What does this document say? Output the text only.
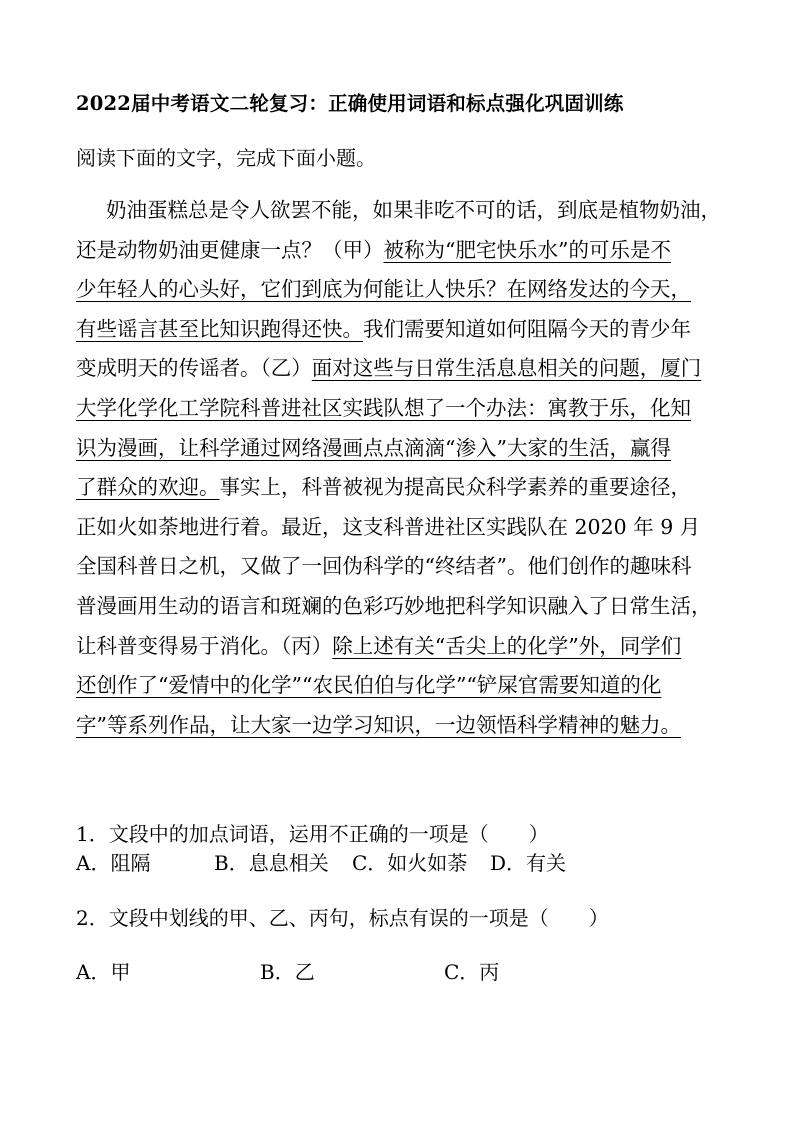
2022届中考语文二轮复习：正确使用词语和标点强化巩固训练
阅读下面的文字，完成下面小题。
奶油蛋糕总是令人欲罢不能，如果非吃不可的话，到底是植物奶油，
还是动物奶油更健康一点？（甲）被称为“肥宅快乐水”的可乐是不
少年轻人的心头好，它们到底为何能让人快乐？在网络发达的今天，
有些谣言甚至比知识跑得还快。我们需要知道如何阻隔今天的青少年
变成明天的传谣者。（乙）面对这些与日常生活息息相关的问题，厦门
大学化学化工学院科普进社区实践队想了一个办法：寓教于乐，化知
识为漫画，让科学通过网络漫画点点滴滴“渗入”大家的生活，赢得
了群众的欢迎。事实上，科普被视为提高民众科学素养的重要途径，
正如火如荼地进行着。最近，这支科普进社区实践队在 2020 年 9 月
全国科普日之机，又做了一回伪科学的“终结者”。他们创作的趣味科
普漫画用生动的语言和斑斓的色彩巧妙地把科学知识融入了日常生活，
让科普变得易于消化。（丙）除上述有关“舌尖上的化学”外，同学们
还创作了“爱情中的化学”“农民伯伯与化学”“铲屎官需要知道的化
字”等系列作品，让大家一边学习知识，一边领悟科学精神的魅力。
1．文段中的加点词语，运用不正确的一项是（　　）
A．阻隔	B．息息相关 C．如火如荼 D．有关
2．文段中划线的甲、乙、丙句，标点有误的一项是（　　）
A．甲	B．乙	C．丙
